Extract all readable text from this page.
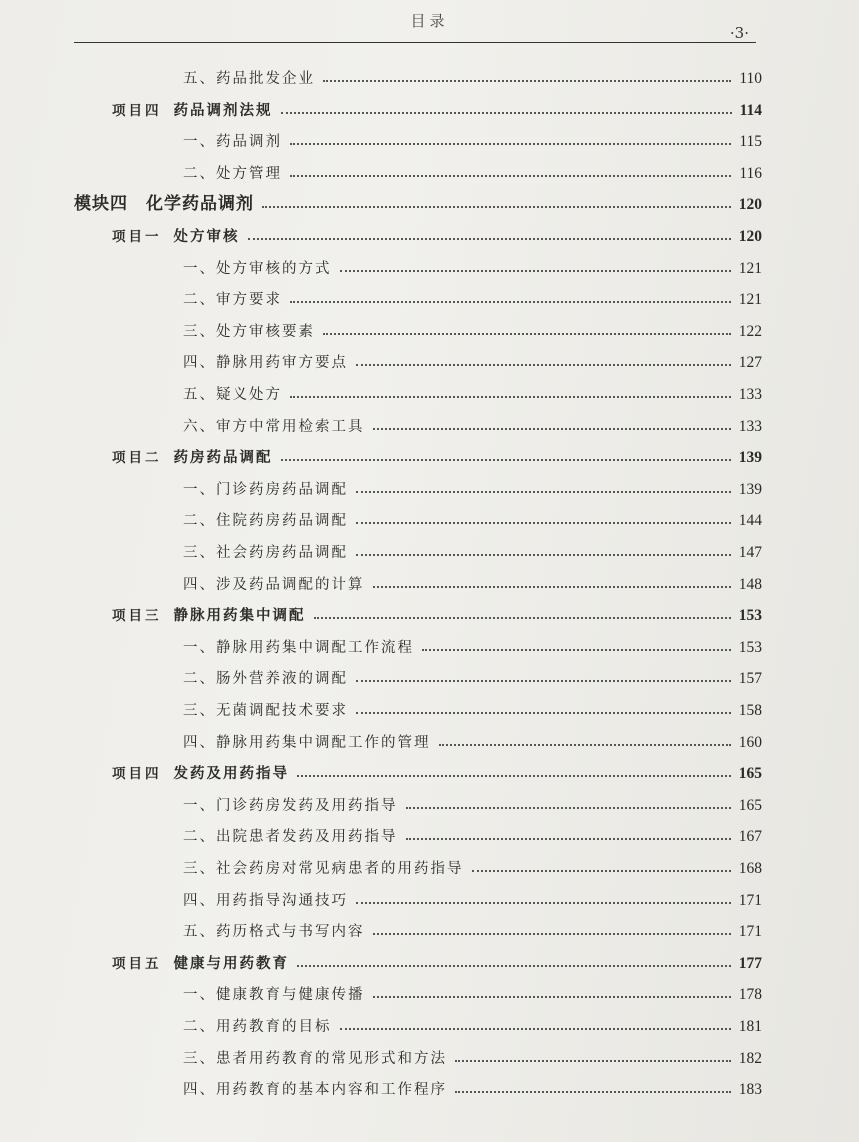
目录
·3·
五、药品批发企业	110
项目四 药品调剂法规	114
一、药品调剂	115
二、处方管理	116
模块四　化学药品调剂	120
项目一 处方审核	120
一、处方审核的方式	121
二、审方要求	121
三、处方审核要素	122
四、静脉用药审方要点	127
五、疑义处方	133
六、审方中常用检索工具	133
项目二 药房药品调配	139
一、门诊药房药品调配	139
二、住院药房药品调配	144
三、社会药房药品调配	147
四、涉及药品调配的计算	148
项目三 静脉用药集中调配	153
一、静脉用药集中调配工作流程	153
二、肠外营养液的调配	157
三、无菌调配技术要求	158
四、静脉用药集中调配工作的管理	160
项目四 发药及用药指导	165
一、门诊药房发药及用药指导	165
二、出院患者发药及用药指导	167
三、社会药房对常见病患者的用药指导	168
四、用药指导沟通技巧	171
五、药历格式与书写内容	171
项目五 健康与用药教育	177
一、健康教育与健康传播	178
二、用药教育的目标	181
三、患者用药教育的常见形式和方法	182
四、用药教育的基本内容和工作程序	183
